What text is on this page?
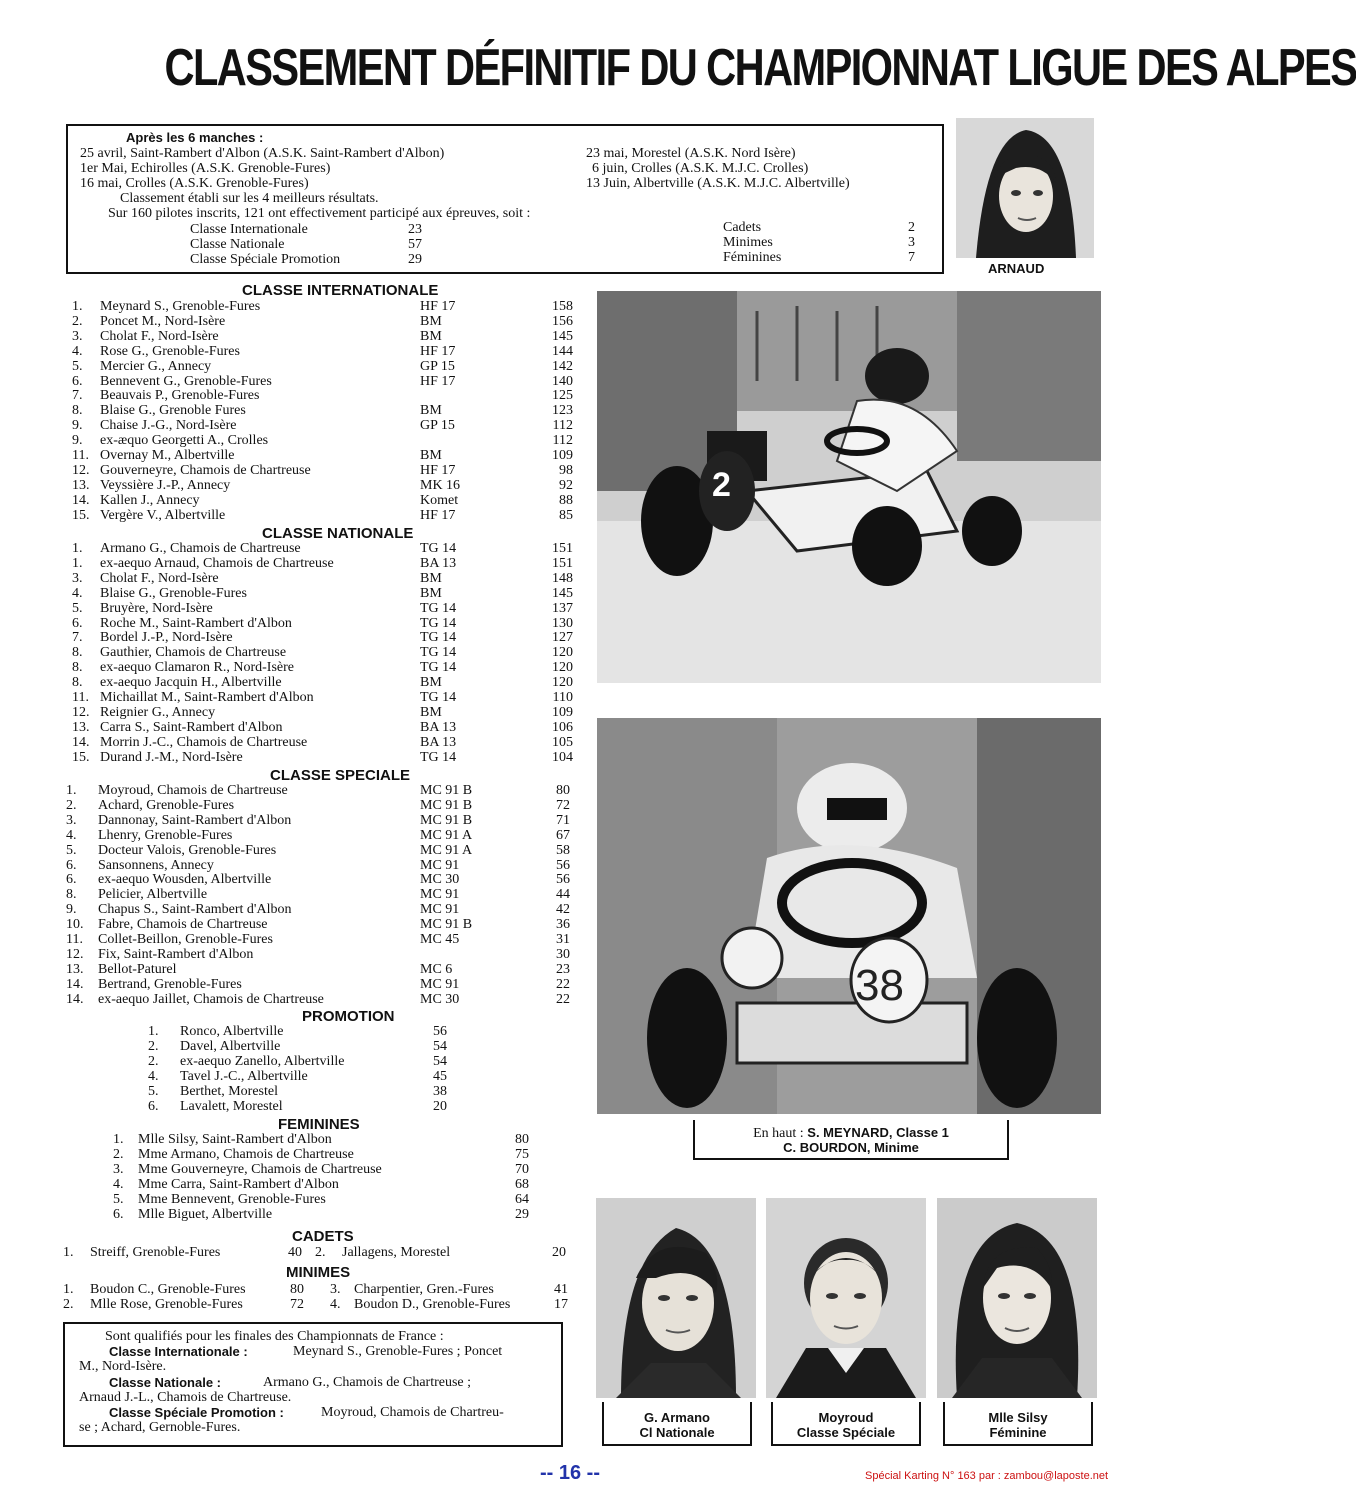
CLASSEMENT DÉFINITIF DU CHAMPIONNAT LIGUE DES ALPES
Après les 6 manches :
25 avril, Saint-Rambert d'Albon (A.S.K. Saint-Rambert d'Albon)
1er Mai, Echirolles (A.S.K. Grenoble-Fures)
16 mai, Crolles (A.S.K. Grenoble-Fures)
23 mai, Morestel (A.S.K. Nord Isère)
6 juin, Crolles (A.S.K. M.J.C. Crolles)
13 Juin, Albertville (A.S.K. M.J.C. Albertville)
Classement établi sur les 4 meilleurs résultats.
Sur 160 pilotes inscrits, 121 ont effectivement participé aux épreuves, soit :
Classe Internationale	23
Classe Nationale	57
Classe Spéciale Promotion	29
Cadets	2
Minimes	3
Féminines	7
ARNAUD
CLASSE INTERNATIONALE
1. Meynard S., Grenoble-Fures	HF 17	158
2. Poncet M., Nord-Isère	BM	156
3. Cholat F., Nord-Isère	BM	145
4. Rose G., Grenoble-Fures	HF 17	144
5. Mercier G., Annecy	GP 15	142
6. Bennevent G., Grenoble-Fures	HF 17	140
7. Beauvais P., Grenoble-Fures	125
8. Blaise G., Grenoble Fures	BM	123
9. Chaise J.-G., Nord-Isère	GP 15	112
9. ex-æquo Georgetti A., Crolles	112
11. Overnay M., Albertville	BM	109
12. Gouverneyre, Chamois de Chartreuse	HF 17	98
13. Veyssière J.-P., Annecy	MK 16	92
14. Kallen J., Annecy	Komet	88
15. Vergère V., Albertville	HF 17	85
CLASSE NATIONALE
1. Armano G., Chamois de Chartreuse	TG 14	151
1. ex-aequo Arnaud, Chamois de Chartreuse	BA 13	151
3. Cholat F., Nord-Isère	BM	148
4. Blaise G., Grenoble-Fures	BM	145
5. Bruyère, Nord-Isère	TG 14	137
6. Roche M., Saint-Rambert d'Albon	TG 14	130
7. Bordel J.-P., Nord-Isère	TG 14	127
8. Gauthier, Chamois de Chartreuse	TG 14	120
8. ex-aequo Clamaron R., Nord-Isère	TG 14	120
8. ex-aequo Jacquin H., Albertville	BM	120
11. Michaillat M., Saint-Rambert d'Albon	TG 14	110
12. Reignier G., Annecy	BM	109
13. Carra S., Saint-Rambert d'Albon	BA 13	106
14. Morrin J.-C., Chamois de Chartreuse	BA 13	105
15. Durand J.-M., Nord-Isère	TG 14	104
CLASSE SPECIALE
1. Moyroud, Chamois de Chartreuse	MC 91 B	80
2. Achard, Grenoble-Fures	MC 91 B	72
3. Dannonay, Saint-Rambert d'Albon	MC 91 B	71
4. Lhenry, Grenoble-Fures	MC 91 A	67
5. Docteur Valois, Grenoble-Fures	MC 91 A	58
6. Sansonnens, Annecy	MC 91	56
6. ex-aequo Wousden, Albertville	MC 30	56
8. Pelicier, Albertville	MC 91	44
9. Chapus S., Saint-Rambert d'Albon	MC 91	42
10. Fabre, Chamois de Chartreuse	MC 91 B	36
11. Collet-Beillon, Grenoble-Fures	MC 45	31
12. Fix, Saint-Rambert d'Albon	30
13. Bellot-Paturel	MC 6	23
14. Bertrand, Grenoble-Fures	MC 91	22
14. ex-aequo Jaillet, Chamois de Chartreuse	MC 30	22
PROMOTION
1. Ronco, Albertville	56
2. Davel, Albertville	54
2. ex-aequo Zanello, Albertville	54
4. Tavel J.-C., Albertville	45
5. Berthet, Morestel	38
6. Lavalett, Morestel	20
FEMININES
1. Mlle Silsy, Saint-Rambert d'Albon	80
2. Mme Armano, Chamois de Chartreuse	75
3. Mme Gouverneyre, Chamois de Chartreuse	70
4. Mme Carra, Saint-Rambert d'Albon	68
5. Mme Bennevent, Grenoble-Fures	64
6. Mlle Biguet, Albertville	29
CADETS
1. Streiff, Grenoble-Fures	40 2. Jallagens, Morestel	20
MINIMES
1. Boudon C., Grenoble-Fures	80 3. Charpentier, Gren.-Fures	41
2. Mlle Rose, Grenoble-Fures	72 4. Boudon D., Grenoble-Fures	17
2
38
En haut : S. MEYNARD, Classe 1
C. BOURDON, Minime
G. Armano
Cl Nationale
Moyroud
Classe Spéciale
Mlle Silsy
Féminine
Sont qualifiés pour les finales des Championnats de France :
Classe Internationale :	Meynard S., Grenoble-Fures ; Poncet
M., Nord-Isère.
Classe Nationale :	Armano G., Chamois de Chartreuse ;
Arnaud J.-L., Chamois de Chartreuse.
Classe Spéciale Promotion :	Moyroud, Chamois de Chartreu-
se ; Achard, Gernoble-Fures.
-- 16 --	Spécial Karting N° 163 par : zambou@laposte.net
